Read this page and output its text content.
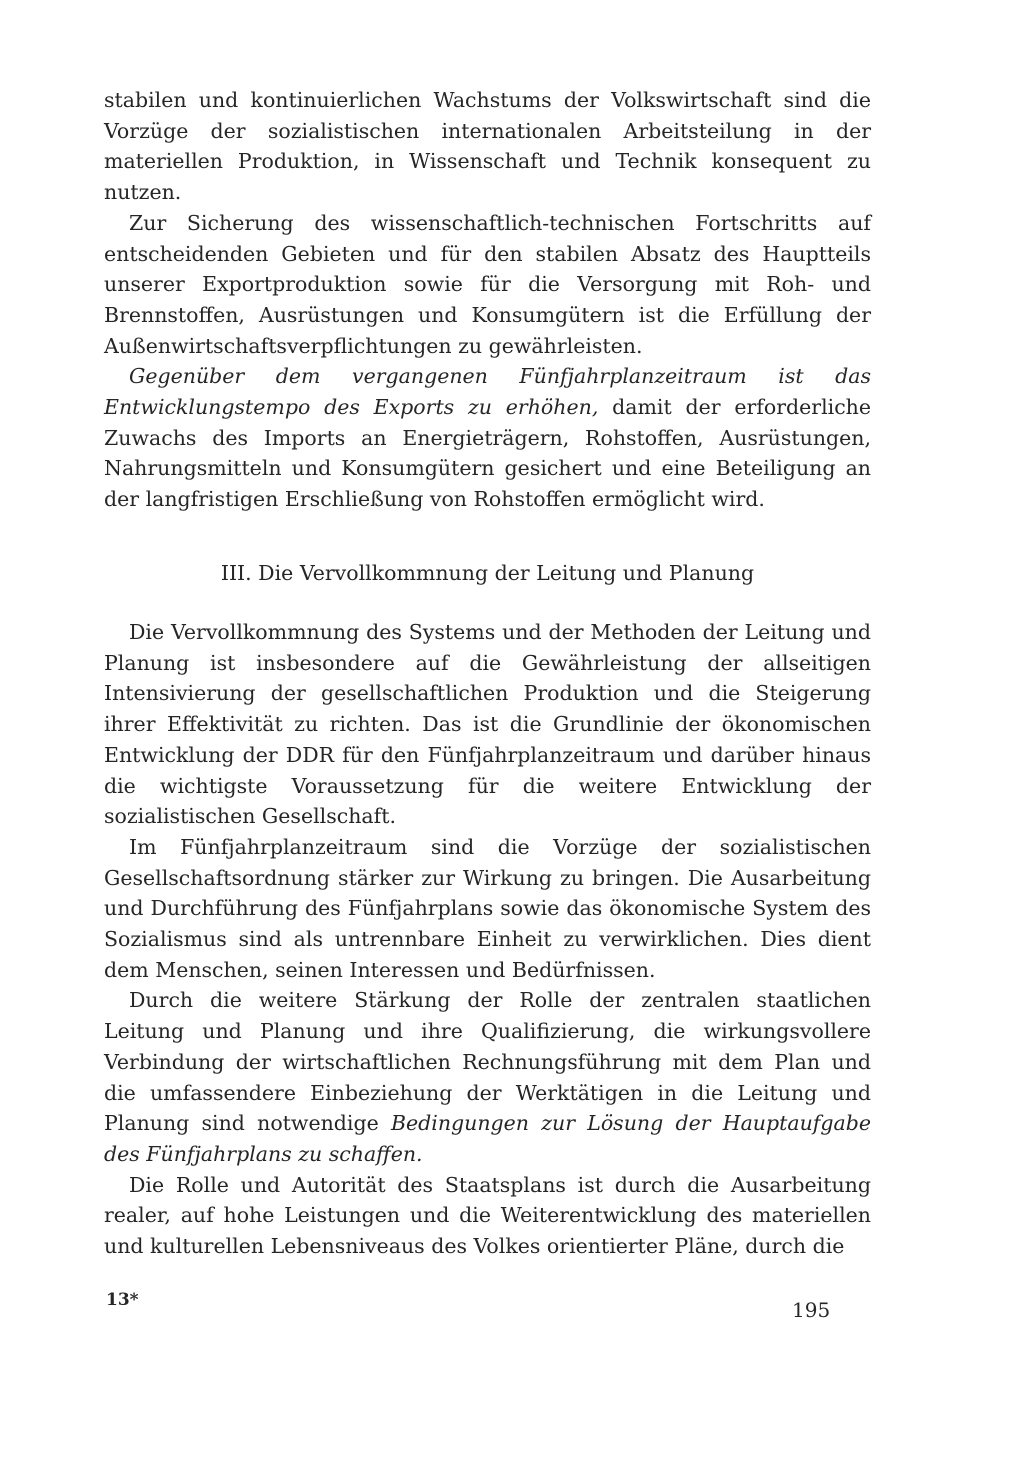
stabilen und kontinuierlichen Wachstums der Volkswirtschaft sind die Vorzüge der sozialistischen internationalen Arbeitsteilung in der materiellen Produktion, in Wissenschaft und Technik konsequent zu nutzen.

Zur Sicherung des wissenschaftlich-technischen Fortschritts auf entscheidenden Gebieten und für den stabilen Absatz des Hauptteils unserer Exportproduktion sowie für die Versorgung mit Roh- und Brennstoffen, Ausrüstungen und Konsumgütern ist die Erfüllung der Außenwirtschaftsverpflichtungen zu gewährleisten.

Gegenüber dem vergangenen Fünfjahrplanzeitraum ist das Entwicklungstempo des Exports zu erhöhen, damit der erforderliche Zuwachs des Imports an Energieträgern, Rohstoffen, Ausrüstungen, Nahrungsmitteln und Konsumgütern gesichert und eine Beteiligung an der langfristigen Erschließung von Rohstoffen ermöglicht wird.

III. Die Vervollkommnung der Leitung und Planung

Die Vervollkommnung des Systems und der Methoden der Leitung und Planung ist insbesondere auf die Gewährleistung der allseitigen Intensivierung der gesellschaftlichen Produktion und die Steigerung ihrer Effektivität zu richten. Das ist die Grundlinie der ökonomischen Entwicklung der DDR für den Fünfjahrplanzeitraum und darüber hinaus die wichtigste Voraussetzung für die weitere Entwicklung der sozialistischen Gesellschaft.

Im Fünfjahrplanzeitraum sind die Vorzüge der sozialistischen Gesellschaftsordnung stärker zur Wirkung zu bringen. Die Ausarbeitung und Durchführung des Fünfjahrplans sowie das ökonomische System des Sozialismus sind als untrennbare Einheit zu verwirklichen. Dies dient dem Menschen, seinen Interessen und Bedürfnissen.

Durch die weitere Stärkung der Rolle der zentralen staatlichen Leitung und Planung und ihre Qualifizierung, die wirkungsvollere Verbindung der wirtschaftlichen Rechnungsführung mit dem Plan und die umfassendere Einbeziehung der Werktätigen in die Leitung und Planung sind notwendige Bedingungen zur Lösung der Hauptaufgabe des Fünfjahrplans zu schaffen.

Die Rolle und Autorität des Staatsplans ist durch die Ausarbeitung realer, auf hohe Leistungen und die Weiterentwicklung des materiellen und kulturellen Lebensniveaus des Volkes orientierter Pläne, durch die

13*	195
